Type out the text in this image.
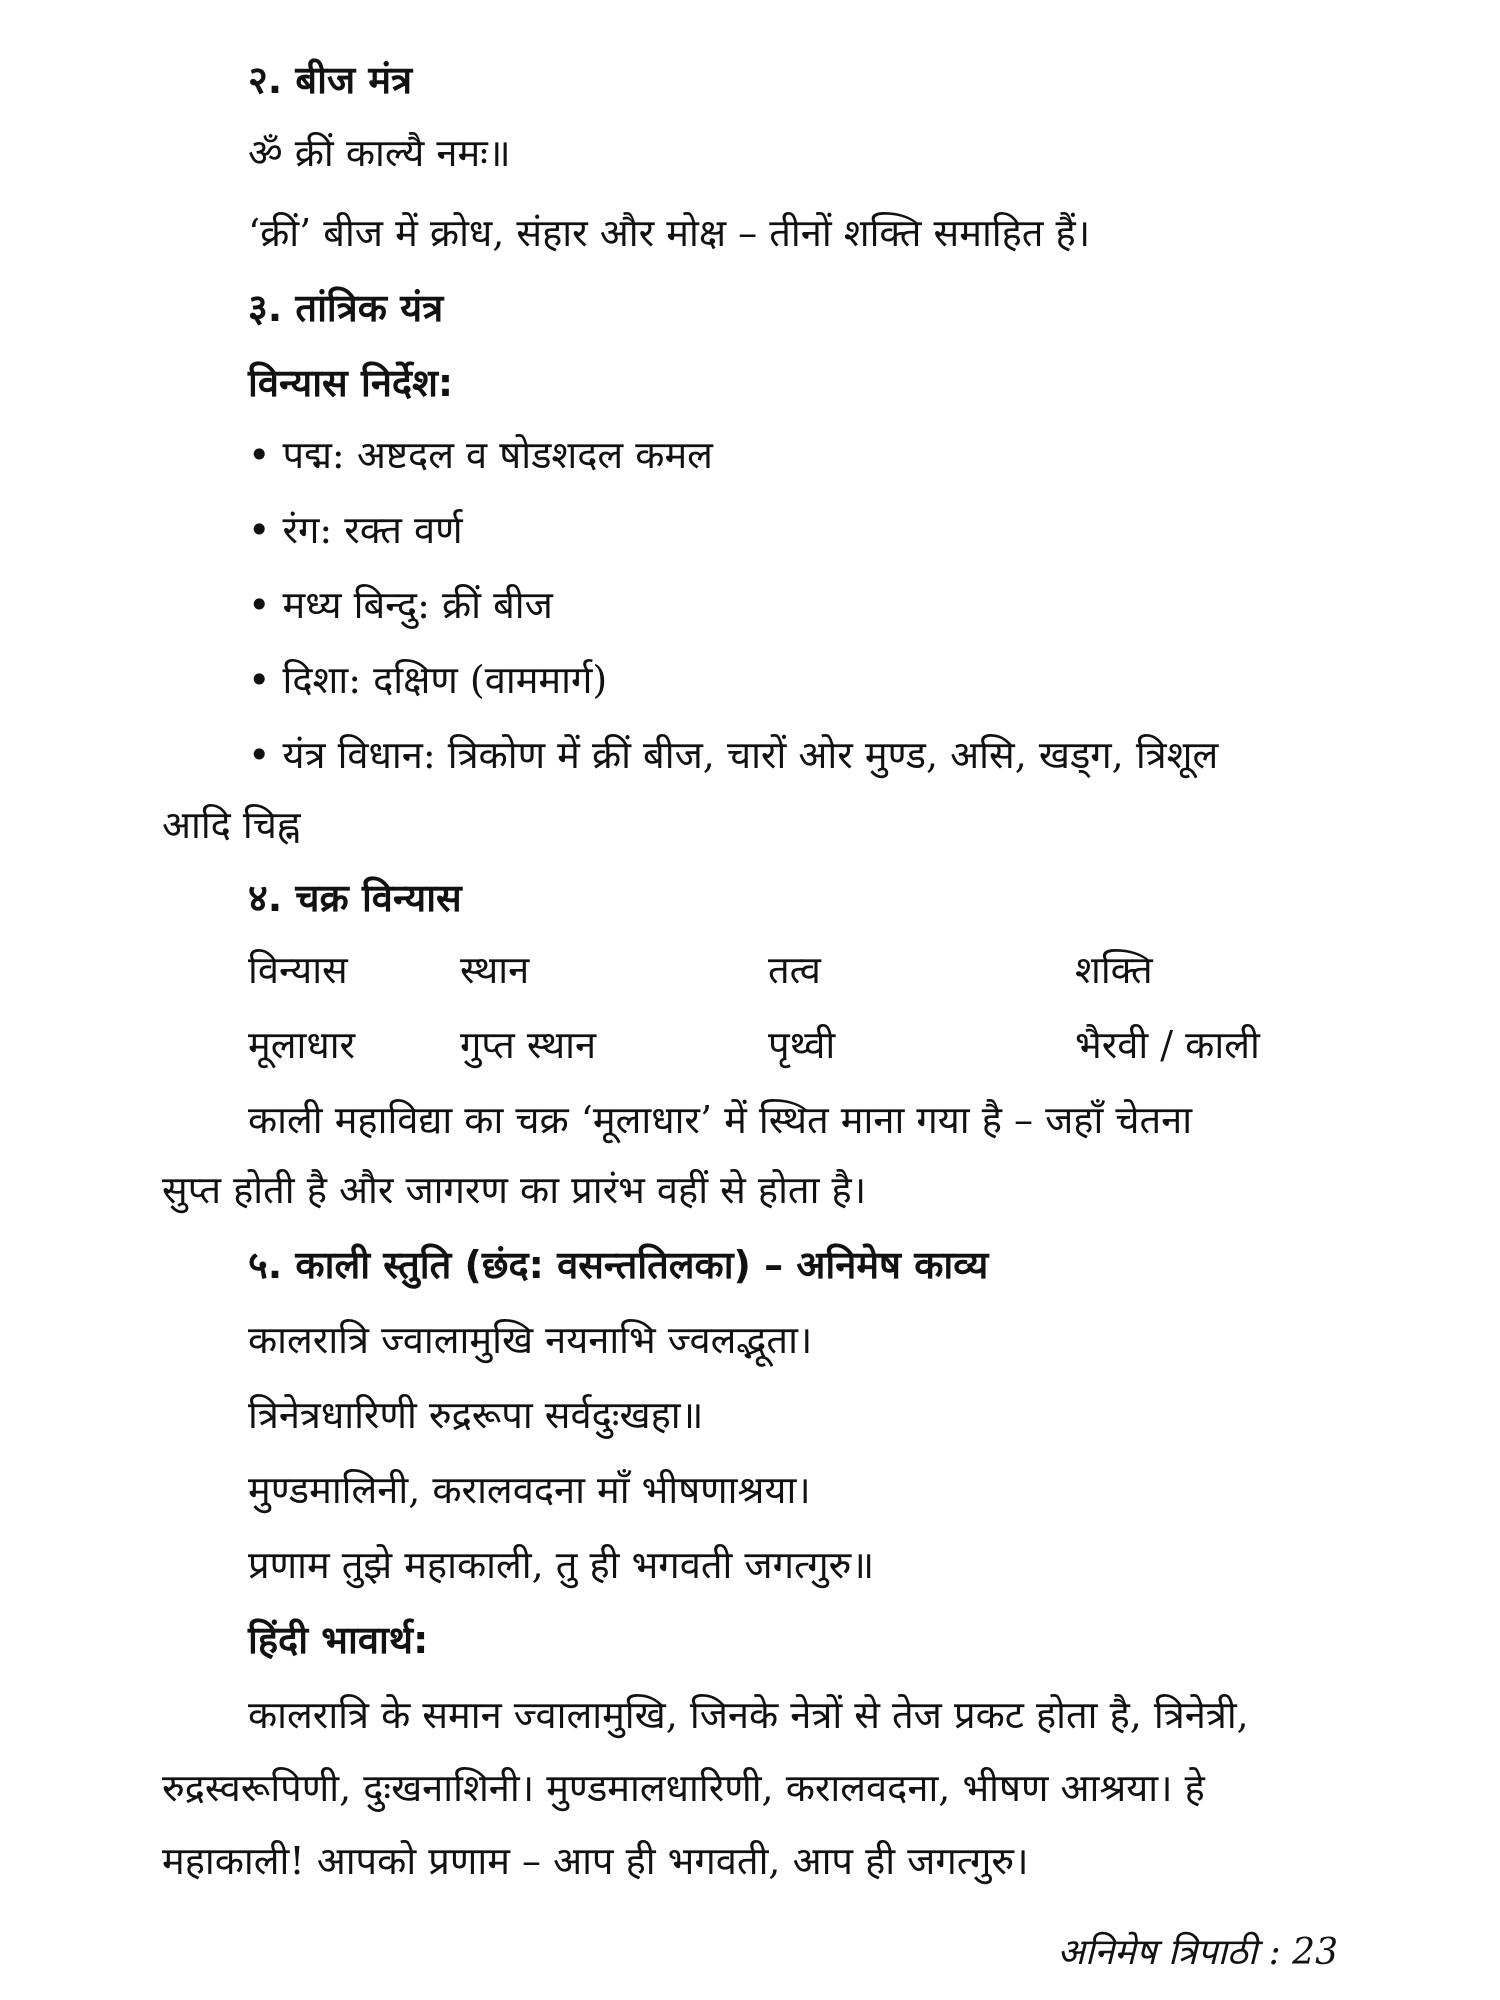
२. बीज मंत्र
ॐ क्रीं काल्यै नमः॥
‘क्रीं’ बीज में क्रोध, संहार और मोक्ष – तीनों शक्ति समाहित हैं।
३. तांत्रिक यंत्र
विन्यास निर्देश:
• पद्म: अष्टदल व षोडशदल कमल
• रंग: रक्त वर्ण
• मध्य बिन्दु: क्रीं बीज
• दिशा: दक्षिण (वाममार्ग)
• यंत्र विधान: त्रिकोण में क्रीं बीज, चारों ओर मुण्ड, असि, खड्ग, त्रिशूल
आदि चिह्न
४. चक्र विन्यास
विन्यास	स्थान	तत्व	शक्ति
मूलाधार	गुप्त स्थान	पृथ्वी	भैरवी / काली
काली महाविद्या का चक्र ‘मूलाधार’ में स्थित माना गया है – जहाँ चेतना
सुप्त होती है और जागरण का प्रारंभ वहीं से होता है।
५. काली स्तुति (छंद: वसन्ततिलका) – अनिमेष काव्य
कालरात्रि ज्वालामुखि नयनाभि ज्वलद्भूता।
त्रिनेत्रधारिणी रुद्ररूपा सर्वदुःखहा॥
मुण्डमालिनी, करालवदना माँ भीषणाश्रया।
प्रणाम तुझे महाकाली, तु ही भगवती जगत्गुरु॥
हिंदी भावार्थ:
कालरात्रि के समान ज्वालामुखि, जिनके नेत्रों से तेज प्रकट होता है, त्रिनेत्री,
रुद्रस्वरूपिणी, दुःखनाशिनी। मुण्डमालधारिणी, करालवदना, भीषण आश्रया। हे
महाकाली! आपको प्रणाम – आप ही भगवती, आप ही जगत्गुरु।
अनिमेष त्रिपाठी : 23
